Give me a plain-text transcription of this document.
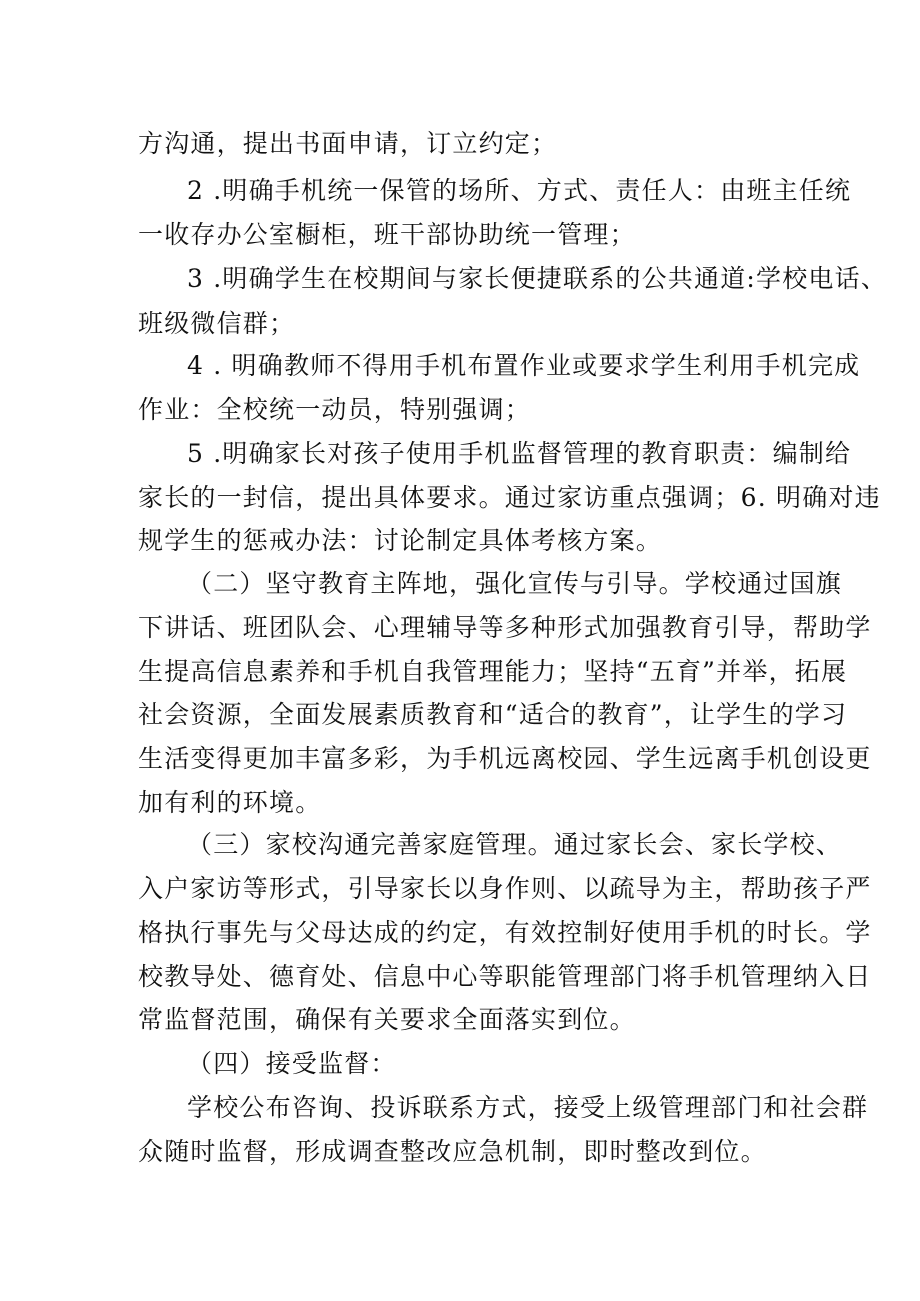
方沟通，提出书面申请，订立约定；
2 .明确手机统一保管的场所、方式、责任人：由班主任统
一收存办公室橱柜，班干部协助统一管理；
3 .明确学生在校期间与家长便捷联系的公共通道:学校电话、
班级微信群；
4 . 明确教师不得用手机布置作业或要求学生利用手机完成
作业：全校统一动员，特别强调；
5 .明确家长对孩子使用手机监督管理的教育职责：编制给
家长的一封信，提出具体要求。通过家访重点强调；6. 明确对违
规学生的惩戒办法：讨论制定具体考核方案。
（二）坚守教育主阵地，强化宣传与引导。学校通过国旗
下讲话、班团队会、心理辅导等多种形式加强教育引导，帮助学
生提高信息素养和手机自我管理能力；坚持“五育”并举，拓展
社会资源，全面发展素质教育和“适合的教育”，让学生的学习
生活变得更加丰富多彩，为手机远离校园、学生远离手机创设更
加有利的环境。
（三）家校沟通完善家庭管理。通过家长会、家长学校、
入户家访等形式，引导家长以身作则、以疏导为主，帮助孩子严
格执行事先与父母达成的约定，有效控制好使用手机的时长。学
校教导处、德育处、信息中心等职能管理部门将手机管理纳入日
常监督范围，确保有关要求全面落实到位。
（四）接受监督：
学校公布咨询、投诉联系方式，接受上级管理部门和社会群
众随时监督，形成调查整改应急机制，即时整改到位。
